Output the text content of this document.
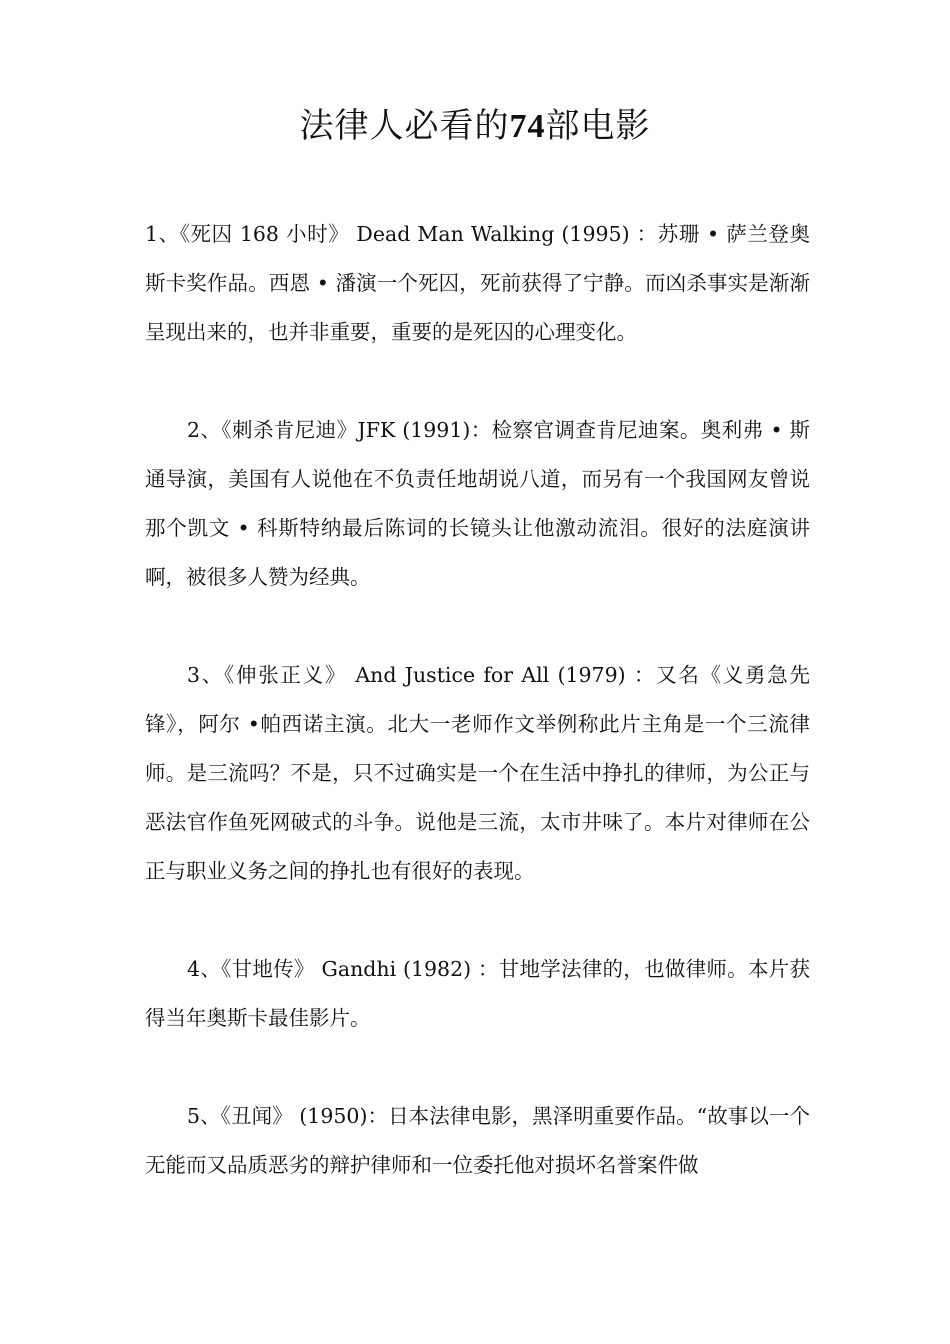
法律人必看的74部电影

1、《死囚 168 小时》 Dead Man Walking (1995) ：苏珊 • 萨兰登奥斯卡奖作品。西恩 • 潘演一个死囚，死前获得了宁静。而凶杀事实是渐渐呈现出来的，也并非重要，重要的是死囚的心理变化。

2、《刺杀肯尼迪》JFK (1991)：检察官调查肯尼迪案。奥利弗 • 斯通导演，美国有人说他在不负责任地胡说八道，而另有一个我国网友曾说那个凯文 • 科斯特纳最后陈词的长镜头让他激动流泪。很好的法庭演讲啊，被很多人赞为经典。

3、《伸张正义》 And Justice for All (1979) ：又名《义勇急先锋》，阿尔 •帕西诺主演。北大一老师作文举例称此片主角是一个三流律师。是三流吗？不是，只不过确实是一个在生活中挣扎的律师，为公正与恶法官作鱼死网破式的斗争。说他是三流，太市井味了。本片对律师在公正与职业义务之间的挣扎也有很好的表现。

4、《甘地传》 Gandhi (1982) ：甘地学法律的，也做律师。本片获得当年奥斯卡最佳影片。

5、《丑闻》 (1950)：日本法律电影，黑泽明重要作品。“故事以一个无能而又品质恶劣的辩护律师和一位委托他对损坏名誉案件做
